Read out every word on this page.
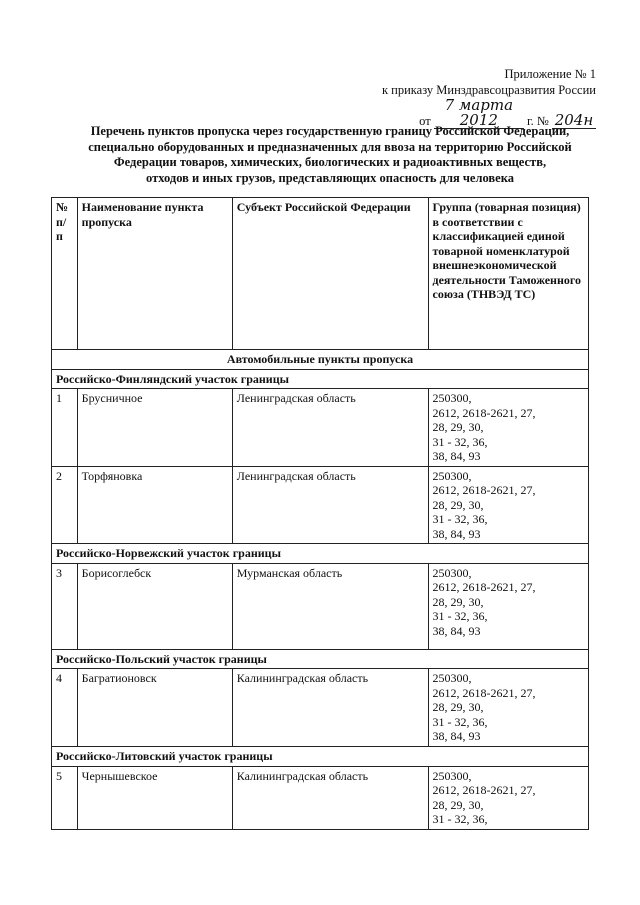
Приложение № 1
к приказу Минздравсоцразвития России
от 7 марта 2012 г. № 204н
Перечень пунктов пропуска через государственную границу Российской Федерации,
специально оборудованных и предназначенных для ввоза на территорию Российской
Федерации товаров, химических, биологических и радиоактивных веществ,
отходов и иных грузов, представляющих опасность для человека
№ п/п	Наименование пункта пропуска	Субъект Российской Федерации	Группа (товарная позиция) в соответствии с классификацией единой товарной номенклатурой внешнеэкономической деятельности Таможенного союза (ТНВЭД ТС)
Автомобильные пункты пропуска			
Российско-Финляндский участок границы			
1	Брусничное	Ленинградская область	250300,
2612, 2618-2621, 27,
28, 29, 30,
31 - 32, 36,
38, 84, 93

2	Торфяновка	Ленинградская область	250300,
2612, 2618-2621, 27,
28, 29, 30,
31 - 32, 36,
38, 84, 93

Российско-Норвежский участок границы			
3	Борисоглебск	Мурманская область	250300,
2612, 2618-2621, 27,
28, 29, 30,
31 - 32, 36,
38, 84, 93

Российско-Польский участок границы			
4	Багратионовск	Калининградская область	250300,
2612, 2618-2621, 27,
28, 29, 30,
31 - 32, 36,
38, 84, 93

Российско-Литовский участок границы			
5	Чернышевское	Калининградская область	250300,
2612, 2618-2621, 27,
28, 29, 30,
31 - 32, 36,
